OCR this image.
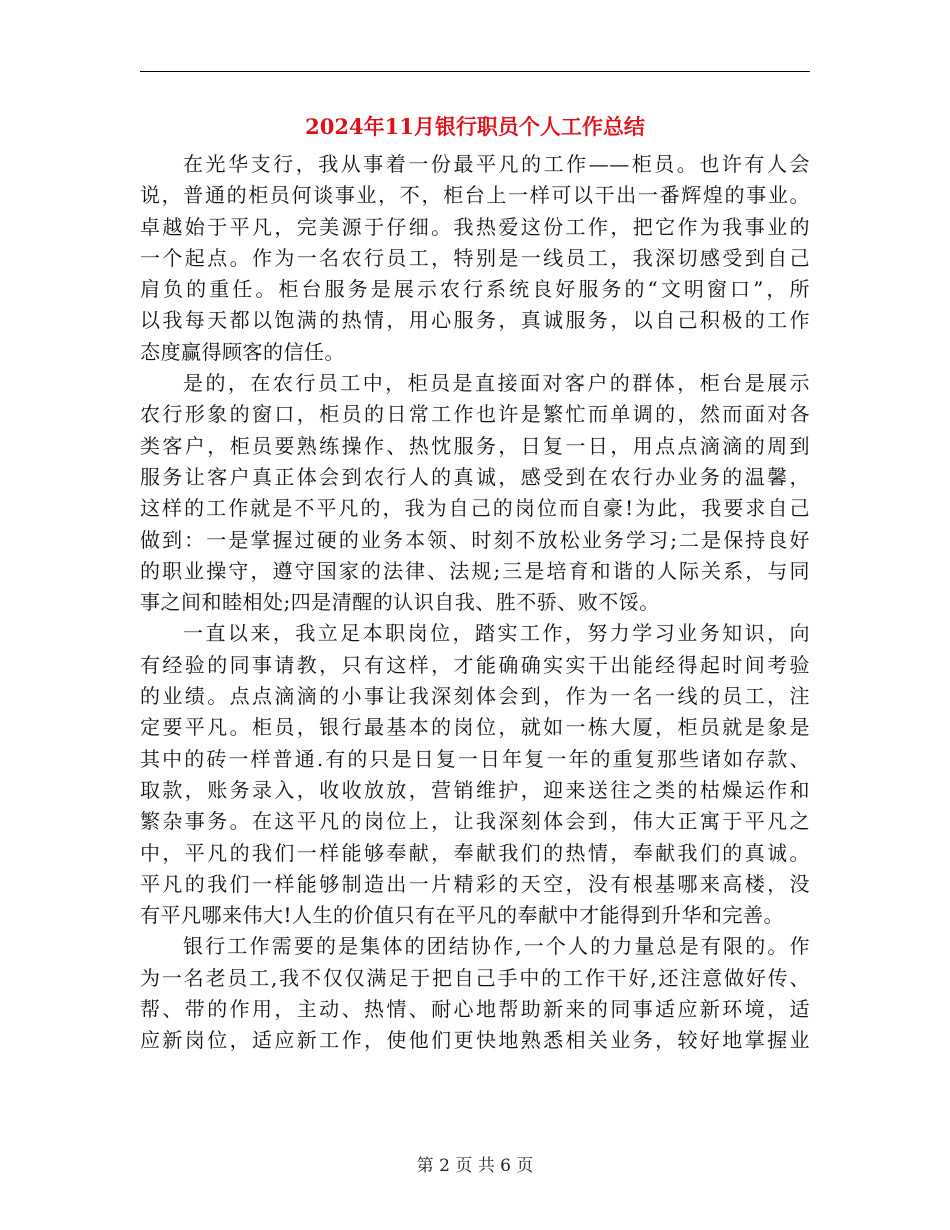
2024年11月银行职员个人工作总结
在光华支行，我从事着一份最平凡的工作——柜员。也许有人会
说，普通的柜员何谈事业，不，柜台上一样可以干出一番辉煌的事业。
卓越始于平凡，完美源于仔细。我热爱这份工作，把它作为我事业的
一个起点。作为一名农行员工，特别是一线员工，我深切感受到自己
肩负的重任。柜台服务是展示农行系统良好服务的“文明窗口”，所
以我每天都以饱满的热情，用心服务，真诚服务，以自己积极的工作
态度赢得顾客的信任。
是的，在农行员工中，柜员是直接面对客户的群体，柜台是展示
农行形象的窗口，柜员的日常工作也许是繁忙而单调的，然而面对各
类客户，柜员要熟练操作、热忱服务，日复一日，用点点滴滴的周到
服务让客户真正体会到农行人的真诚，感受到在农行办业务的温馨，
这样的工作就是不平凡的，我为自己的岗位而自豪!为此，我要求自己
做到：一是掌握过硬的业务本领、时刻不放松业务学习;二是保持良好
的职业操守，遵守国家的法律、法规;三是培育和谐的人际关系，与同
事之间和睦相处;四是清醒的认识自我、胜不骄、败不馁。
一直以来，我立足本职岗位，踏实工作，努力学习业务知识，向
有经验的同事请教，只有这样，才能确确实实干出能经得起时间考验
的业绩。点点滴滴的小事让我深刻体会到，作为一名一线的员工，注
定要平凡。柜员，银行最基本的岗位，就如一栋大厦，柜员就是象是
其中的砖一样普通.有的只是日复一日年复一年的重复那些诸如存款、
取款，账务录入，收收放放，营销维护，迎来送往之类的枯燥运作和
繁杂事务。在这平凡的岗位上，让我深刻体会到，伟大正寓于平凡之
中，平凡的我们一样能够奉献，奉献我们的热情，奉献我们的真诚。
平凡的我们一样能够制造出一片精彩的天空，没有根基哪来高楼，没
有平凡哪来伟大!人生的价值只有在平凡的奉献中才能得到升华和完善。
银行工作需要的是集体的团结协作,一个人的力量总是有限的。作
为一名老员工,我不仅仅满足于把自己手中的工作干好,还注意做好传、
帮、带的作用，主动、热情、耐心地帮助新来的同事适应新环境，适
应新岗位，适应新工作，使他们更快地熟悉相关业务，较好地掌握业
第 2 页 共 6 页
